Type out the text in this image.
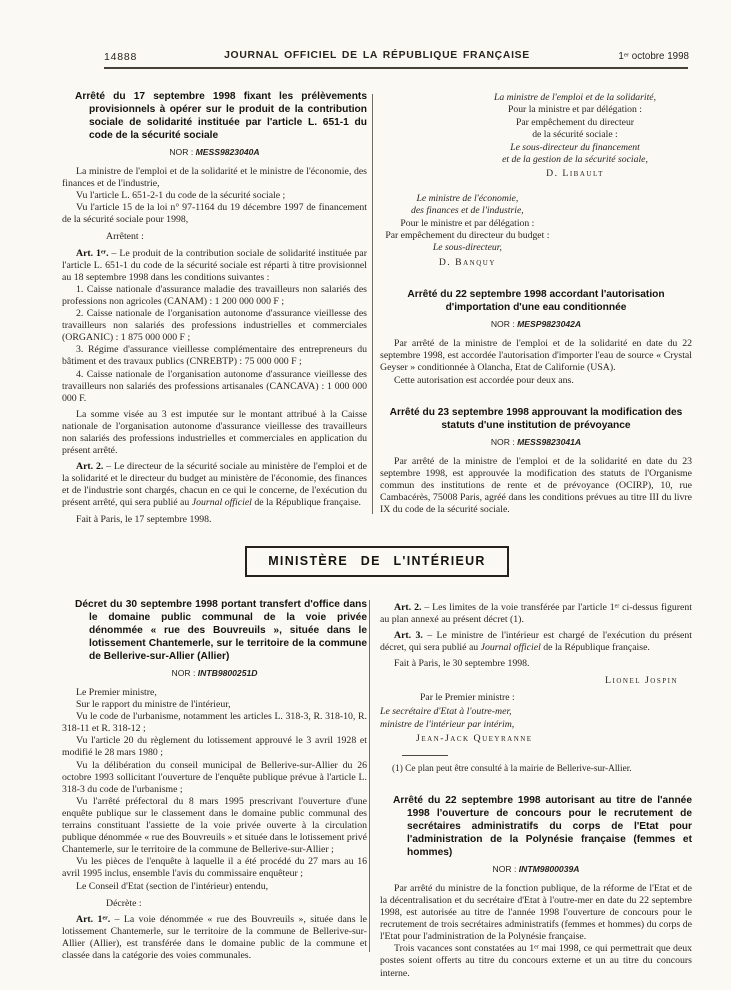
14888	JOURNAL OFFICIEL DE LA RÉPUBLIQUE FRANÇAISE	1er octobre 1998
Arrêté du 17 septembre 1998 fixant les prélèvements provisionnels à opérer sur le produit de la contribution sociale de solidarité instituée par l'article L. 651-1 du code de la sécurité sociale
NOR : MESS9823040A
La ministre de l'emploi et de la solidarité et le ministre de l'économie, des finances et de l'industrie,
Vu l'article L. 651-2-1 du code de la sécurité sociale ;
Vu l'article 15 de la loi n° 97-1164 du 19 décembre 1997 de financement de la sécurité sociale pour 1998,
Arrêtent :
Art. 1er. – Le produit de la contribution sociale de solidarité instituée par l'article L. 651-1 du code de la sécurité sociale est réparti à titre provisionnel au 18 septembre 1998 dans les conditions suivantes :
1. Caisse nationale d'assurance maladie des travailleurs non salariés des professions non agricoles (CANAM) : 1 200 000 000 F ;
2. Caisse nationale de l'organisation autonome d'assurance vieillesse des travailleurs non salariés des professions industrielles et commerciales (ORGANIC) : 1 875 000 000 F ;
3. Régime d'assurance vieillesse complémentaire des entrepreneurs du bâtiment et des travaux publics (CNREBTP) : 75 000 000 F ;
4. Caisse nationale de l'organisation autonome d'assurance vieillesse des travailleurs non salariés des professions artisanales (CANCAVA) : 1 000 000 000 F.
La somme visée au 3 est imputée sur le montant attribué à la Caisse nationale de l'organisation autonome d'assurance vieillesse des travailleurs non salariés des professions industrielles et commerciales en application du présent arrêté.
Art. 2. – Le directeur de la sécurité sociale au ministère de l'emploi et de la solidarité et le directeur du budget au ministère de l'économie, des finances et de l'industrie sont chargés, chacun en ce qui le concerne, de l'exécution du présent arrêté, qui sera publié au Journal officiel de la République française.
Fait à Paris, le 17 septembre 1998.
La ministre de l'emploi et de la solidarité,
Pour la ministre et par délégation :
Par empêchement du directeur
de la sécurité sociale :
Le sous-directeur du financement
et de la gestion de la sécurité sociale,
D. Libault
Le ministre de l'économie,
des finances et de l'industrie,
Pour le ministre et par délégation :
Par empêchement du directeur du budget :
Le sous-directeur,
D. Banquy
Arrêté du 22 septembre 1998 accordant l'autorisation d'importation d'une eau conditionnée
NOR : MESP9823042A
Par arrêté de la ministre de l'emploi et de la solidarité en date du 22 septembre 1998, est accordée l'autorisation d'importer l'eau de source « Crystal Geyser » conditionnée à Olancha, Etat de Californie (USA).
Cette autorisation est accordée pour deux ans.
Arrêté du 23 septembre 1998 approuvant la modification des statuts d'une institution de prévoyance
NOR : MESS9823041A
Par arrêté de la ministre de l'emploi et de la solidarité en date du 23 septembre 1998, est approuvée la modification des statuts de l'Organisme commun des institutions de rente et de prévoyance (OCIRP), 10, rue Cambacérès, 75008 Paris, agréé dans les conditions prévues au titre III du livre IX du code de la sécurité sociale.
MINISTÈRE DE L'INTÉRIEUR
Décret du 30 septembre 1998 portant transfert d'office dans le domaine public communal de la voie privée dénommée « rue des Bouvreuils », située dans le lotissement Chantemerle, sur le territoire de la commune de Bellerive-sur-Allier (Allier)
NOR : INTB9800251D
Le Premier ministre,
Sur le rapport du ministre de l'intérieur,
Vu le code de l'urbanisme, notamment les articles L. 318-3, R. 318-10, R. 318-11 et R. 318-12 ;
Vu l'article 20 du règlement du lotissement approuvé le 3 avril 1928 et modifié le 28 mars 1980 ;
Vu la délibération du conseil municipal de Bellerive-sur-Allier du 26 octobre 1993 sollicitant l'ouverture de l'enquête publique prévue à l'article L. 318-3 du code de l'urbanisme ;
Vu l'arrêté préfectoral du 8 mars 1995 prescrivant l'ouverture d'une enquête publique sur le classement dans le domaine public communal des terrains constituant l'assiette de la voie privée ouverte à la circulation publique dénommée « rue des Bouvreuils » et située dans le lotissement privé Chantemerle, sur le territoire de la commune de Bellerive-sur-Allier ;
Vu les pièces de l'enquête à laquelle il a été procédé du 27 mars au 16 avril 1995 inclus, ensemble l'avis du commissaire enquêteur ;
Le Conseil d'Etat (section de l'intérieur) entendu,
Décrète :
Art. 1er. – La voie dénommée « rue des Bouvreuils », située dans le lotissement Chantemerle, sur le territoire de la commune de Bellerive-sur-Allier (Allier), est transférée dans le domaine public de la commune et classée dans la catégorie des voies communales.
Art. 2. – Les limites de la voie transférée par l'article 1er ci-dessus figurent au plan annexé au présent décret (1).
Art. 3. – Le ministre de l'intérieur est chargé de l'exécution du présent décret, qui sera publié au Journal officiel de la République française.
Fait à Paris, le 30 septembre 1998.
Lionel Jospin
Par le Premier ministre :
Le secrétaire d'Etat à l'outre-mer,
ministre de l'intérieur par intérim,
Jean-Jack Queyranne
(1) Ce plan peut être consulté à la mairie de Bellerive-sur-Allier.
Arrêté du 22 septembre 1998 autorisant au titre de l'année 1998 l'ouverture de concours pour le recrutement de secrétaires administratifs du corps de l'Etat pour l'administration de la Polynésie française (femmes et hommes)
NOR : INTM9800039A
Par arrêté du ministre de la fonction publique, de la réforme de l'Etat et de la décentralisation et du secrétaire d'Etat à l'outre-mer en date du 22 septembre 1998, est autorisée au titre de l'année 1998 l'ouverture de concours pour le recrutement de trois secrétaires administratifs (femmes et hommes) du corps de l'Etat pour l'administration de la Polynésie française.
Trois vacances sont constatées au 1er mai 1998, ce qui permettrait que deux postes soient offerts au titre du concours externe et un au titre du concours interne.
